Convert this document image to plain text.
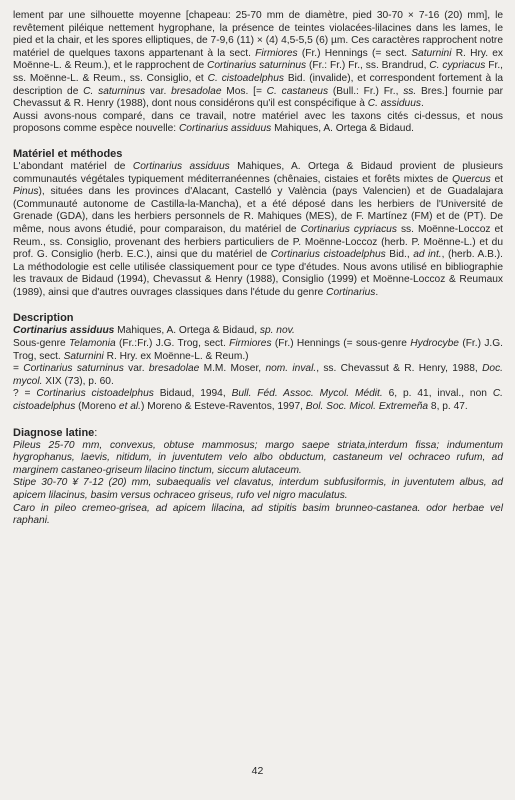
lement par une silhouette moyenne [chapeau: 25-70 mm de diamètre, pied 30-70 × 7-16 (20) mm], le revêtement piléique nettement hygrophane, la présence de teintes violacées-lilacines dans les lames, le pied et la chair, et les spores elliptiques, de 7-9,6 (11) × (4) 4,5-5,5 (6) µm. Ces caractères rapprochent notre matériel de quelques taxons appartenant à la sect. Firmiores (Fr.) Hennings (= sect. Saturnini R. Hry. ex Moënne-L. & Reum.), et le rapprochent de Cortinarius saturninus (Fr.: Fr.) Fr., ss. Brandrud, C. cypriacus Fr., ss. Moënne-L. & Reum., ss. Consiglio, et C. cistoadelphus Bid. (invalide), et correspondent fortement à la description de C. saturninus var. bresadolae Mos. [= C. castaneus (Bull.: Fr.) Fr., ss. Bres.] fournie par Chevassut & R. Henry (1988), dont nous considérons qu'il est conspécifique à C. assiduus.

Aussi avons-nous comparé, dans ce travail, notre matériel avec les taxons cités ci-dessus, et nous proposons comme espèce nouvelle: Cortinarius assiduus Mahiques, A. Ortega & Bidaud.

Matériel et méthodes

L'abondant matériel de Cortinarius assiduus Mahiques, A. Ortega & Bidaud provient de plusieurs communautés végétales typiquement méditerranéennes (chênaies, cistaies et forêts mixtes de Quercus et Pinus), situées dans les provinces d'Alacant, Castelló y València (pays Valencien) et de Guadalajara (Communauté autonome de Castilla-la-Mancha), et a été déposé dans les herbiers de l'Université de Grenade (GDA), dans les herbiers personnels de R. Mahiques (MES), de F. Martínez (FM) et de (PT). De même, nous avons étudié, pour comparaison, du matériel de Cortinarius cypriacus ss. Moënne-Loccoz et Reum., ss. Consiglio, provenant des herbiers particuliers de P. Moënne-Loccoz (herb. P. Moënne-L.) et du prof. G. Consiglio (herb. E.C.), ainsi que du matériel de Cortinarius cistoadelphus Bid., ad int., (herb. A.B.). La méthodologie est celle utilisée classiquement pour ce type d'études. Nous avons utilisé en bibliographie les travaux de Bidaud (1994), Chevassut & Henry (1988), Consiglio (1999) et Moënne-Loccoz & Reumaux (1989), ainsi que d'autres ouvrages classiques dans l'étude du genre Cortinarius.

Description

Cortinarius assiduus Mahiques, A. Ortega & Bidaud, sp. nov.

Sous-genre Telamonia (Fr.:Fr.) J.G. Trog, sect. Firmiores (Fr.) Hennings (= sous-genre Hydrocybe (Fr.) J.G. Trog, sect. Saturnini R. Hry. ex Moënne-L. & Reum.)

= Cortinarius saturninus var. bresadolae M.M. Moser, nom. inval., ss. Chevassut & R. Henry, 1988, Doc. mycol. XIX (73), p. 60.

? = Cortinarius cistoadelphus Bidaud, 1994, Bull. Féd. Assoc. Mycol. Médit. 6, p. 41, inval., non C. cistoadelphus (Moreno et al.) Moreno & Esteve-Raventos, 1997, Bol. Soc. Micol. Extremeña 8, p. 47.

Diagnose latine:

Pileus 25-70 mm, convexus, obtuse mammosus; margo saepe striata,interdum fissa; indumentum hygrophanus, laevis, nitidum, in juventutem velo albo obductum, castaneum vel ochraceo rufum, ad marginem castaneo-griseum lilacino tinctum, siccum alutaceum.

Stipe 30-70 ¥ 7-12 (20) mm, subaequalis vel clavatus, interdum subfusiformis, in juventutem albus, ad apicem lilacinus, basim versus ochraceo griseus, rufo vel nigro maculatus.

Caro in pileo cremeo-grisea, ad apicem lilacina, ad stipitis basim brunneo-castanea. odor herbae vel raphani.

42
